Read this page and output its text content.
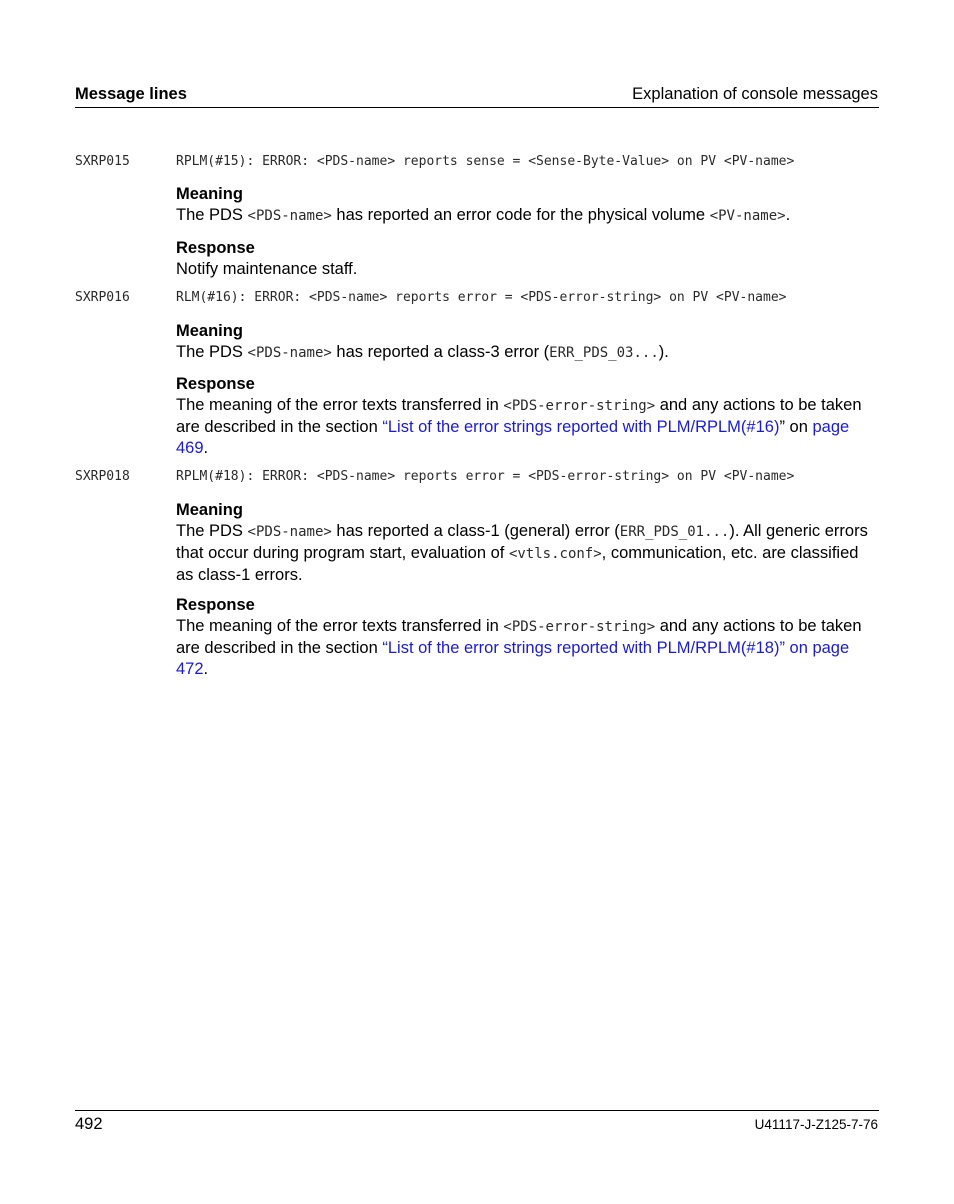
Message lines	Explanation of console messages
SXRP015	RPLM(#15): ERROR: <PDS-name> reports sense = <Sense-Byte-Value> on PV <PV-name>
Meaning

The PDS <PDS-name> has reported an error code for the physical volume <PV-name>.

Response

Notify maintenance staff.

SXRP016	RLM(#16): ERROR: <PDS-name> reports error = <PDS-error-string> on PV <PV-name>
Meaning

The PDS <PDS-name> has reported a class-3 error (ERR_PDS_03...).

Response

The meaning of the error texts transferred in <PDS-error-string> and any actions to be taken are described in the section “List of the error strings reported with PLM/RPLM(#16)” on page 469.

SXRP018	RPLM(#18): ERROR: <PDS-name> reports error = <PDS-error-string> on PV <PV-name>
Meaning

The PDS <PDS-name> has reported a class-1 (general) error (ERR_PDS_01...). All generic errors that occur during program start, evaluation of <vtls.conf>, communication, etc. are classified as class-1 errors.

Response

The meaning of the error texts transferred in <PDS-error-string> and any actions to be taken are described in the section “List of the error strings reported with PLM/RPLM(#18)” on page 472.

492	U41117-J-Z125-7-76
